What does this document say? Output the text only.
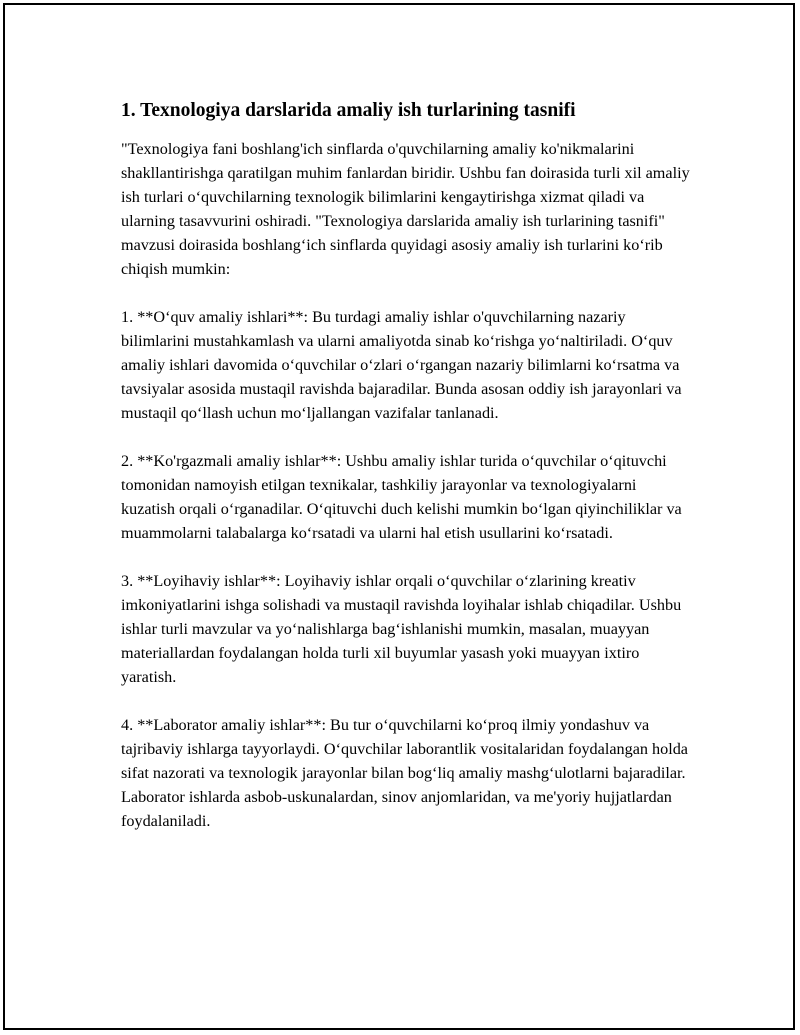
1. Texnologiya darslarida amaliy ish turlarining tasnifi

"Texnologiya fani boshlang'ich sinflarda o'quvchilarning amaliy ko'nikmalarini shakllantirishga qaratilgan muhim fanlardan biridir. Ushbu fan doirasida turli xil amaliy ish turlari o‘quvchilarning texnologik bilimlarini kengaytirishga xizmat qiladi va ularning tasavvurini oshiradi. "Texnologiya darslarida amaliy ish turlarining tasnifi" mavzusi doirasida boshlang‘ich sinflarda quyidagi asosiy amaliy ish turlarini ko‘rib chiqish mumkin:

1. **O‘quv amaliy ishlari**: Bu turdagi amaliy ishlar o'quvchilarning nazariy bilimlarini mustahkamlash va ularni amaliyotda sinab ko‘rishga yo‘naltiriladi. O‘quv amaliy ishlari davomida o‘quvchilar o‘zlari o‘rgangan nazariy bilimlarni ko‘rsatma va tavsiyalar asosida mustaqil ravishda bajaradilar. Bunda asosan oddiy ish jarayonlari va mustaqil qo‘llash uchun mo‘ljallangan vazifalar tanlanadi.

2. **Ko'rgazmali amaliy ishlar**: Ushbu amaliy ishlar turida o‘quvchilar o‘qituvchi tomonidan namoyish etilgan texnikalar, tashkiliy jarayonlar va texnologiyalarni kuzatish orqali o‘rganadilar. O‘qituvchi duch kelishi mumkin bo‘lgan qiyinchiliklar va muammolarni talabalarga ko‘rsatadi va ularni hal etish usullarini ko‘rsatadi.

3. **Loyihaviy ishlar**: Loyihaviy ishlar orqali o‘quvchilar o‘zlarining kreativ imkoniyatlarini ishga solishadi va mustaqil ravishda loyihalar ishlab chiqadilar. Ushbu ishlar turli mavzular va yo‘nalishlarga bag‘ishlanishi mumkin, masalan, muayyan materiallardan foydalangan holda turli xil buyumlar yasash yoki muayyan ixtiro yaratish.

4. **Laborator amaliy ishlar**: Bu tur o‘quvchilarni ko‘proq ilmiy yondashuv va tajribaviy ishlarga tayyorlaydi. O‘quvchilar laborantlik vositalaridan foydalangan holda sifat nazorati va texnologik jarayonlar bilan bog‘liq amaliy mashg‘ulotlarni bajaradilar. Laborator ishlarda asbob-uskunalardan, sinov anjomlaridan, va me'yoriy hujjatlardan foydalaniladi.
